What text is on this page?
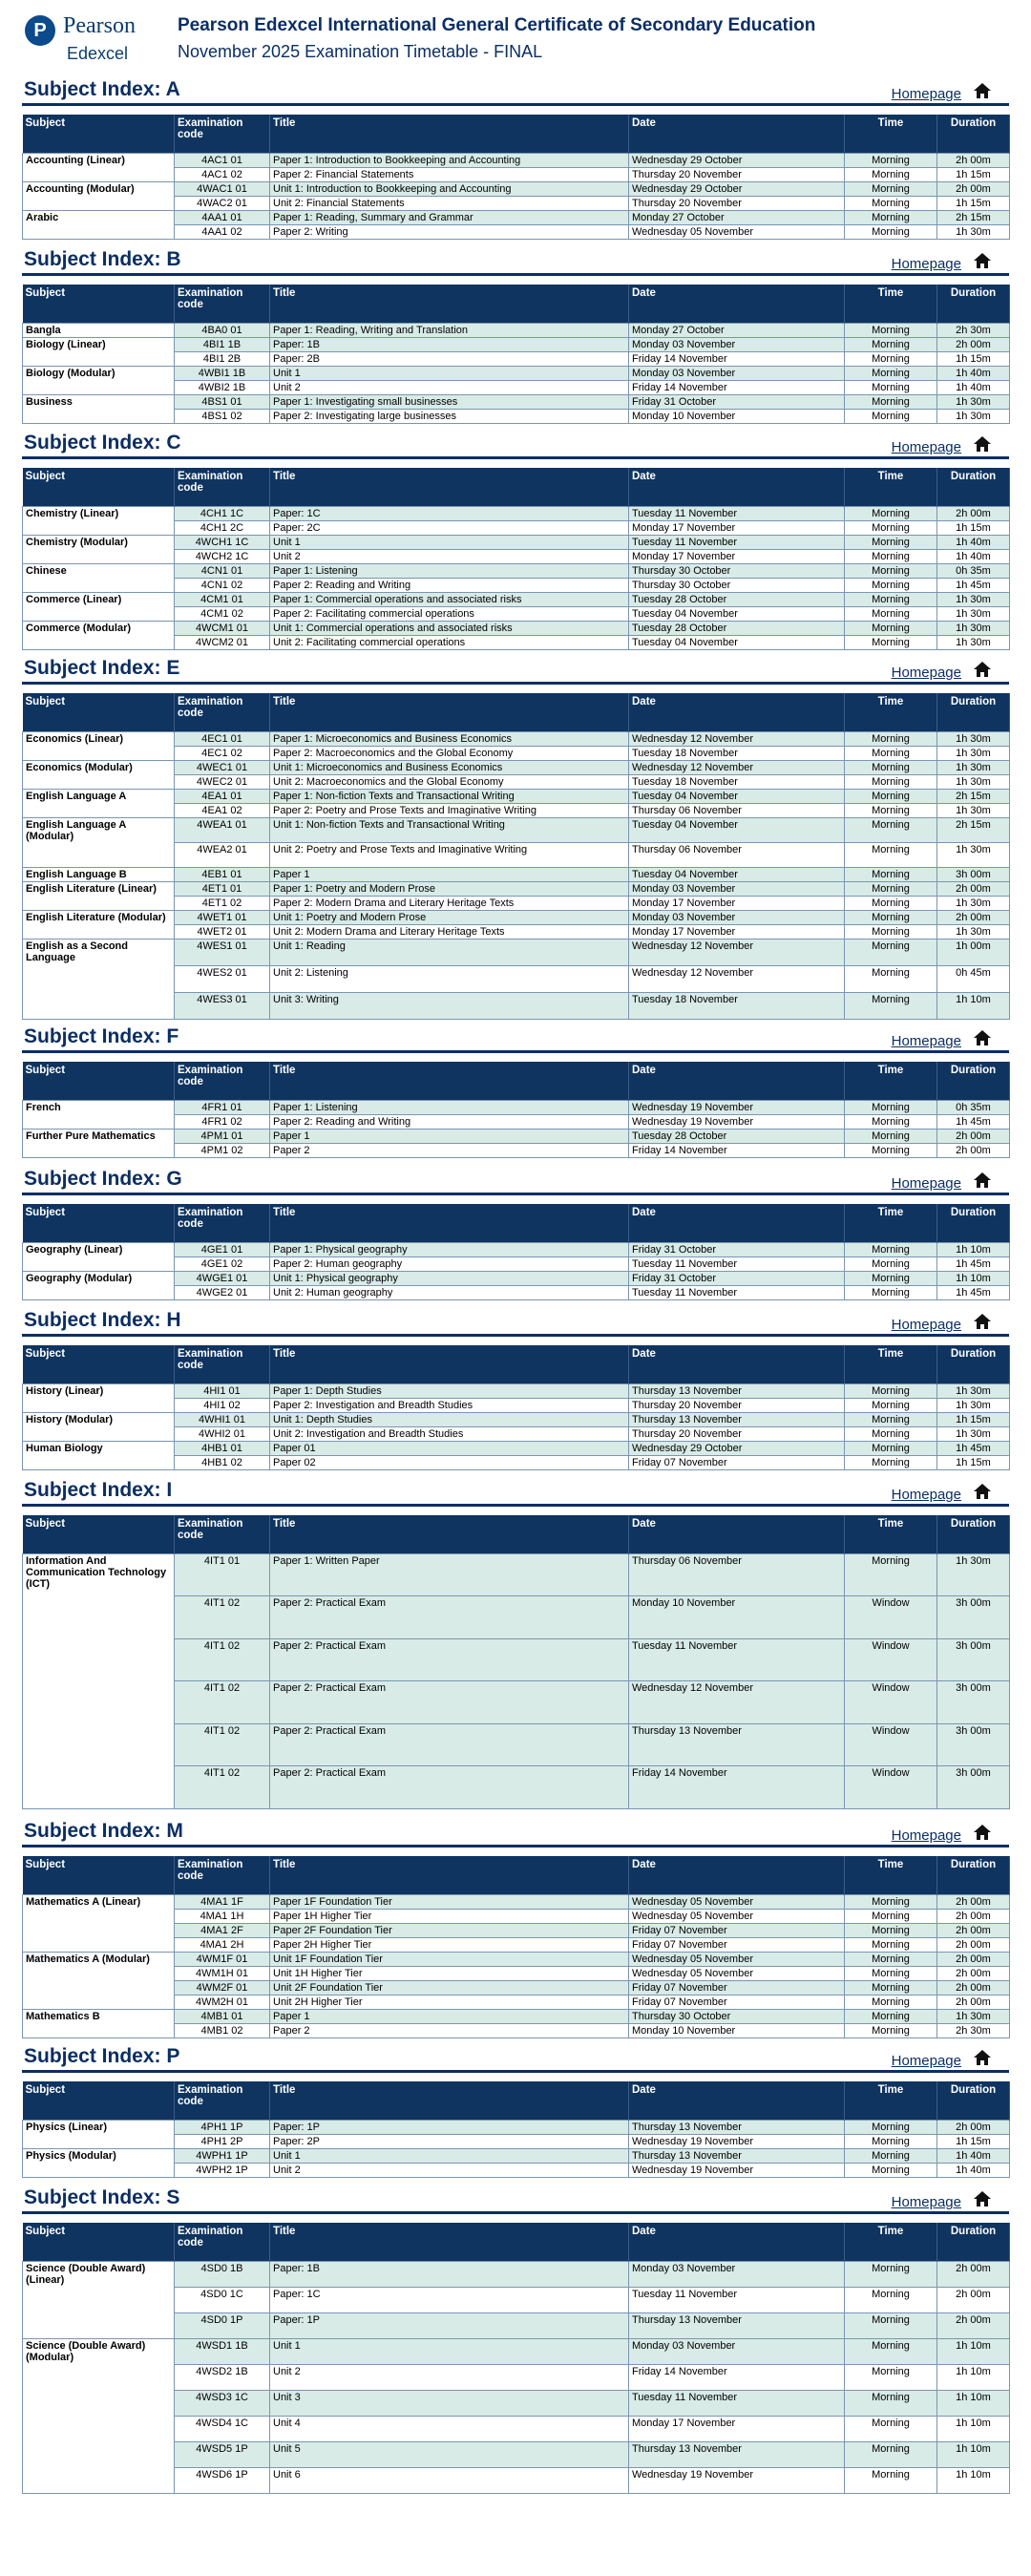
P Pearson
Edexcel
Pearson Edexcel International General Certificate of Secondary Education
November 2025 Examination Timetable - FINAL
Subject Index: A	Homepage
Subject	Examination code	Title	Date	Time	Duration
Accounting (Linear)	4AC1 01	Paper 1: Introduction to Bookkeeping and Accounting	Wednesday 29 October	Morning	2h 00m
	4AC1 02	Paper 2: Financial Statements	Thursday 20 November	Morning	1h 15m
Accounting (Modular)	4WAC1 01	Unit 1: Introduction to Bookkeeping and Accounting	Wednesday 29 October	Morning	2h 00m
	4WAC2 01	Unit 2: Financial Statements	Thursday 20 November	Morning	1h 15m
Arabic	4AA1 01	Paper 1: Reading, Summary and Grammar	Monday 27 October	Morning	2h 15m
	4AA1 02	Paper 2: Writing	Wednesday 05 November	Morning	1h 30m
Subject Index: B	Homepage
Subject	Examination code	Title	Date	Time	Duration
Bangla	4BA0 01	Paper 1: Reading, Writing and Translation	Monday 27 October	Morning	2h 30m
Biology (Linear)	4BI1 1B	Paper: 1B	Monday 03 November	Morning	2h 00m
	4BI1 2B	Paper: 2B	Friday 14 November	Morning	1h 15m
Biology (Modular)	4WBI1 1B	Unit 1	Monday 03 November	Morning	1h 40m
	4WBI2 1B	Unit 2	Friday 14 November	Morning	1h 40m
Business	4BS1 01	Paper 1: Investigating small businesses	Friday 31 October	Morning	1h 30m
	4BS1 02	Paper 2: Investigating large businesses	Monday 10 November	Morning	1h 30m
Subject Index: C	Homepage
Subject	Examination code	Title	Date	Time	Duration
Chemistry (Linear)	4CH1 1C	Paper: 1C	Tuesday 11 November	Morning	2h 00m
	4CH1 2C	Paper: 2C	Monday 17 November	Morning	1h 15m
Chemistry (Modular)	4WCH1 1C	Unit 1	Tuesday 11 November	Morning	1h 40m
	4WCH2 1C	Unit 2	Monday 17 November	Morning	1h 40m
Chinese	4CN1 01	Paper 1: Listening	Thursday 30 October	Morning	0h 35m
	4CN1 02	Paper 2: Reading and Writing	Thursday 30 October	Morning	1h 45m
Commerce (Linear)	4CM1 01	Paper 1: Commercial operations and associated risks	Tuesday 28 October	Morning	1h 30m
	4CM1 02	Paper 2: Facilitating commercial operations	Tuesday 04 November	Morning	1h 30m
Commerce (Modular)	4WCM1 01	Unit 1: Commercial operations and associated risks	Tuesday 28 October	Morning	1h 30m
	4WCM2 01	Unit 2: Facilitating commercial operations	Tuesday 04 November	Morning	1h 30m
Subject Index: E	Homepage
Subject	Examination code	Title	Date	Time	Duration
Economics (Linear)	4EC1 01	Paper 1: Microeconomics and Business Economics	Wednesday 12 November	Morning	1h 30m
	4EC1 02	Paper 2: Macroeconomics and the Global Economy	Tuesday 18 November	Morning	1h 30m
Economics (Modular)	4WEC1 01	Unit 1: Microeconomics and Business Economics	Wednesday 12 November	Morning	1h 30m
	4WEC2 01	Unit 2: Macroeconomics and the Global Economy	Tuesday 18 November	Morning	1h 30m
English Language A	4EA1 01	Paper 1: Non-fiction Texts and Transactional Writing	Tuesday 04 November	Morning	2h 15m
	4EA1 02	Paper 2: Poetry and Prose Texts and Imaginative Writing	Thursday 06 November	Morning	1h 30m
English Language A (Modular)	4WEA1 01	Unit 1: Non-fiction Texts and Transactional Writing	Tuesday 04 November	Morning	2h 15m
	4WEA2 01	Unit 2: Poetry and Prose Texts and Imaginative Writing	Thursday 06 November	Morning	1h 30m
English Language B	4EB1 01	Paper 1	Tuesday 04 November	Morning	3h 00m
English Literature (Linear)	4ET1 01	Paper 1: Poetry and Modern Prose	Monday 03 November	Morning	2h 00m
	4ET1 02	Paper 2: Modern Drama and Literary Heritage Texts	Monday 17 November	Morning	1h 30m
English Literature (Modular)	4WET1 01	Unit 1: Poetry and Modern Prose	Monday 03 November	Morning	2h 00m
	4WET2 01	Unit 2: Modern Drama and Literary Heritage Texts	Monday 17 November	Morning	1h 30m
English as a Second Language	4WES1 01	Unit 1: Reading	Wednesday 12 November	Morning	1h 00m
	4WES2 01	Unit 2: Listening	Wednesday 12 November	Morning	0h 45m
	4WES3 01	Unit 3: Writing	Tuesday 18 November	Morning	1h 10m
Subject Index: F	Homepage
Subject	Examination code	Title	Date	Time	Duration
French	4FR1 01	Paper 1: Listening	Wednesday 19 November	Morning	0h 35m
	4FR1 02	Paper 2: Reading and Writing	Wednesday 19 November	Morning	1h 45m
Further Pure Mathematics	4PM1 01	Paper 1	Tuesday 28 October	Morning	2h 00m
	4PM1 02	Paper 2	Friday 14 November	Morning	2h 00m
Subject Index: G	Homepage
Subject	Examination code	Title	Date	Time	Duration
Geography (Linear)	4GE1 01	Paper 1: Physical geography	Friday 31 October	Morning	1h 10m
	4GE1 02	Paper 2: Human geography	Tuesday 11 November	Morning	1h 45m
Geography (Modular)	4WGE1 01	Unit 1: Physical geography	Friday 31 October	Morning	1h 10m
	4WGE2 01	Unit 2: Human geography	Tuesday 11 November	Morning	1h 45m
Subject Index: H	Homepage
Subject	Examination code	Title	Date	Time	Duration
History (Linear)	4HI1 01	Paper 1: Depth Studies	Thursday 13 November	Morning	1h 30m
	4HI1 02	Paper 2: Investigation and Breadth Studies	Thursday 20 November	Morning	1h 30m
History (Modular)	4WHI1 01	Unit 1: Depth Studies	Thursday 13 November	Morning	1h 15m
	4WHI2 01	Unit 2: Investigation and Breadth Studies	Thursday 20 November	Morning	1h 30m
Human Biology	4HB1 01	Paper 01	Wednesday 29 October	Morning	1h 45m
	4HB1 02	Paper 02	Friday 07 November	Morning	1h 15m
Subject Index: I	Homepage
Subject	Examination code	Title	Date	Time	Duration
Information And Communication Technology (ICT)	4IT1 01	Paper 1: Written Paper	Thursday 06 November	Morning	1h 30m
	4IT1 02	Paper 2: Practical Exam	Monday 10 November	Window	3h 00m
	4IT1 02	Paper 2: Practical Exam	Tuesday 11 November	Window	3h 00m
	4IT1 02	Paper 2: Practical Exam	Wednesday 12 November	Window	3h 00m
	4IT1 02	Paper 2: Practical Exam	Thursday 13 November	Window	3h 00m
	4IT1 02	Paper 2: Practical Exam	Friday 14 November	Window	3h 00m
Subject Index: M	Homepage
Subject	Examination code	Title	Date	Time	Duration
Mathematics A (Linear)	4MA1 1F	Paper 1F Foundation Tier	Wednesday 05 November	Morning	2h 00m
	4MA1 1H	Paper 1H Higher Tier	Wednesday 05 November	Morning	2h 00m
	4MA1 2F	Paper 2F Foundation Tier	Friday 07 November	Morning	2h 00m
	4MA1 2H	Paper 2H Higher Tier	Friday 07 November	Morning	2h 00m
Mathematics A (Modular)	4WM1F 01	Unit 1F Foundation Tier	Wednesday 05 November	Morning	2h 00m
	4WM1H 01	Unit 1H Higher Tier	Wednesday 05 November	Morning	2h 00m
	4WM2F 01	Unit 2F Foundation Tier	Friday 07 November	Morning	2h 00m
	4WM2H 01	Unit 2H Higher Tier	Friday 07 November	Morning	2h 00m
Mathematics B	4MB1 01	Paper 1	Thursday 30 October	Morning	1h 30m
	4MB1 02	Paper 2	Monday 10 November	Morning	2h 30m
Subject Index: P	Homepage
Subject	Examination code	Title	Date	Time	Duration
Physics (Linear)	4PH1 1P	Paper: 1P	Thursday 13 November	Morning	2h 00m
	4PH1 2P	Paper: 2P	Wednesday 19 November	Morning	1h 15m
Physics (Modular)	4WPH1 1P	Unit 1	Thursday 13 November	Morning	1h 40m
	4WPH2 1P	Unit 2	Wednesday 19 November	Morning	1h 40m
Subject Index: S	Homepage
Subject	Examination code	Title	Date	Time	Duration
Science (Double Award) (Linear)	4SD0 1B	Paper: 1B	Monday 03 November	Morning	2h 00m
	4SD0 1C	Paper: 1C	Tuesday 11 November	Morning	2h 00m
	4SD0 1P	Paper: 1P	Thursday 13 November	Morning	2h 00m
Science (Double Award) (Modular)	4WSD1 1B	Unit 1	Monday 03 November	Morning	1h 10m
	4WSD2 1B	Unit 2	Friday 14 November	Morning	1h 10m
	4WSD3 1C	Unit 3	Tuesday 11 November	Morning	1h 10m
	4WSD4 1C	Unit 4	Monday 17 November	Morning	1h 10m
	4WSD5 1P	Unit 5	Thursday 13 November	Morning	1h 10m
	4WSD6 1P	Unit 6	Wednesday 19 November	Morning	1h 10m
